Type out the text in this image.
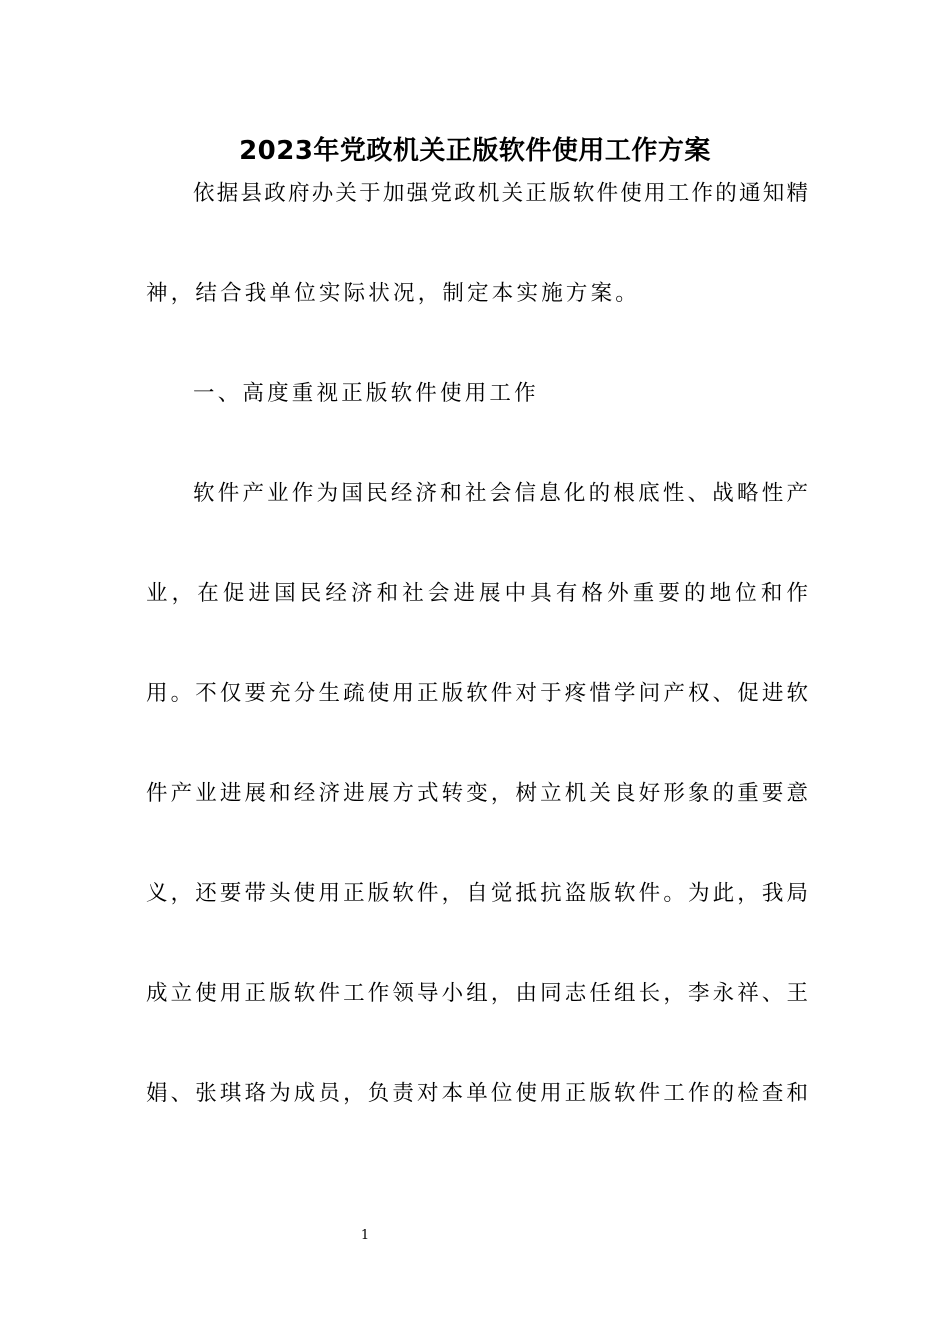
2023年党政机关正版软件使用工作方案
依据县政府办关于加强党政机关正版软件使用工作的通知精
神，结合我单位实际状况，制定本实施方案。
一、高度重视正版软件使用工作
软件产业作为国民经济和社会信息化的根底性、战略性产
业，在促进国民经济和社会进展中具有格外重要的地位和作
用。不仅要充分生疏使用正版软件对于疼惜学问产权、促进软
件产业进展和经济进展方式转变，树立机关良好形象的重要意
义，还要带头使用正版软件，自觉抵抗盗版软件。为此，我局
成立使用正版软件工作领导小组，由同志任组长，李永祥、王
娟、张琪珞为成员，负责对本单位使用正版软件工作的检查和
1
